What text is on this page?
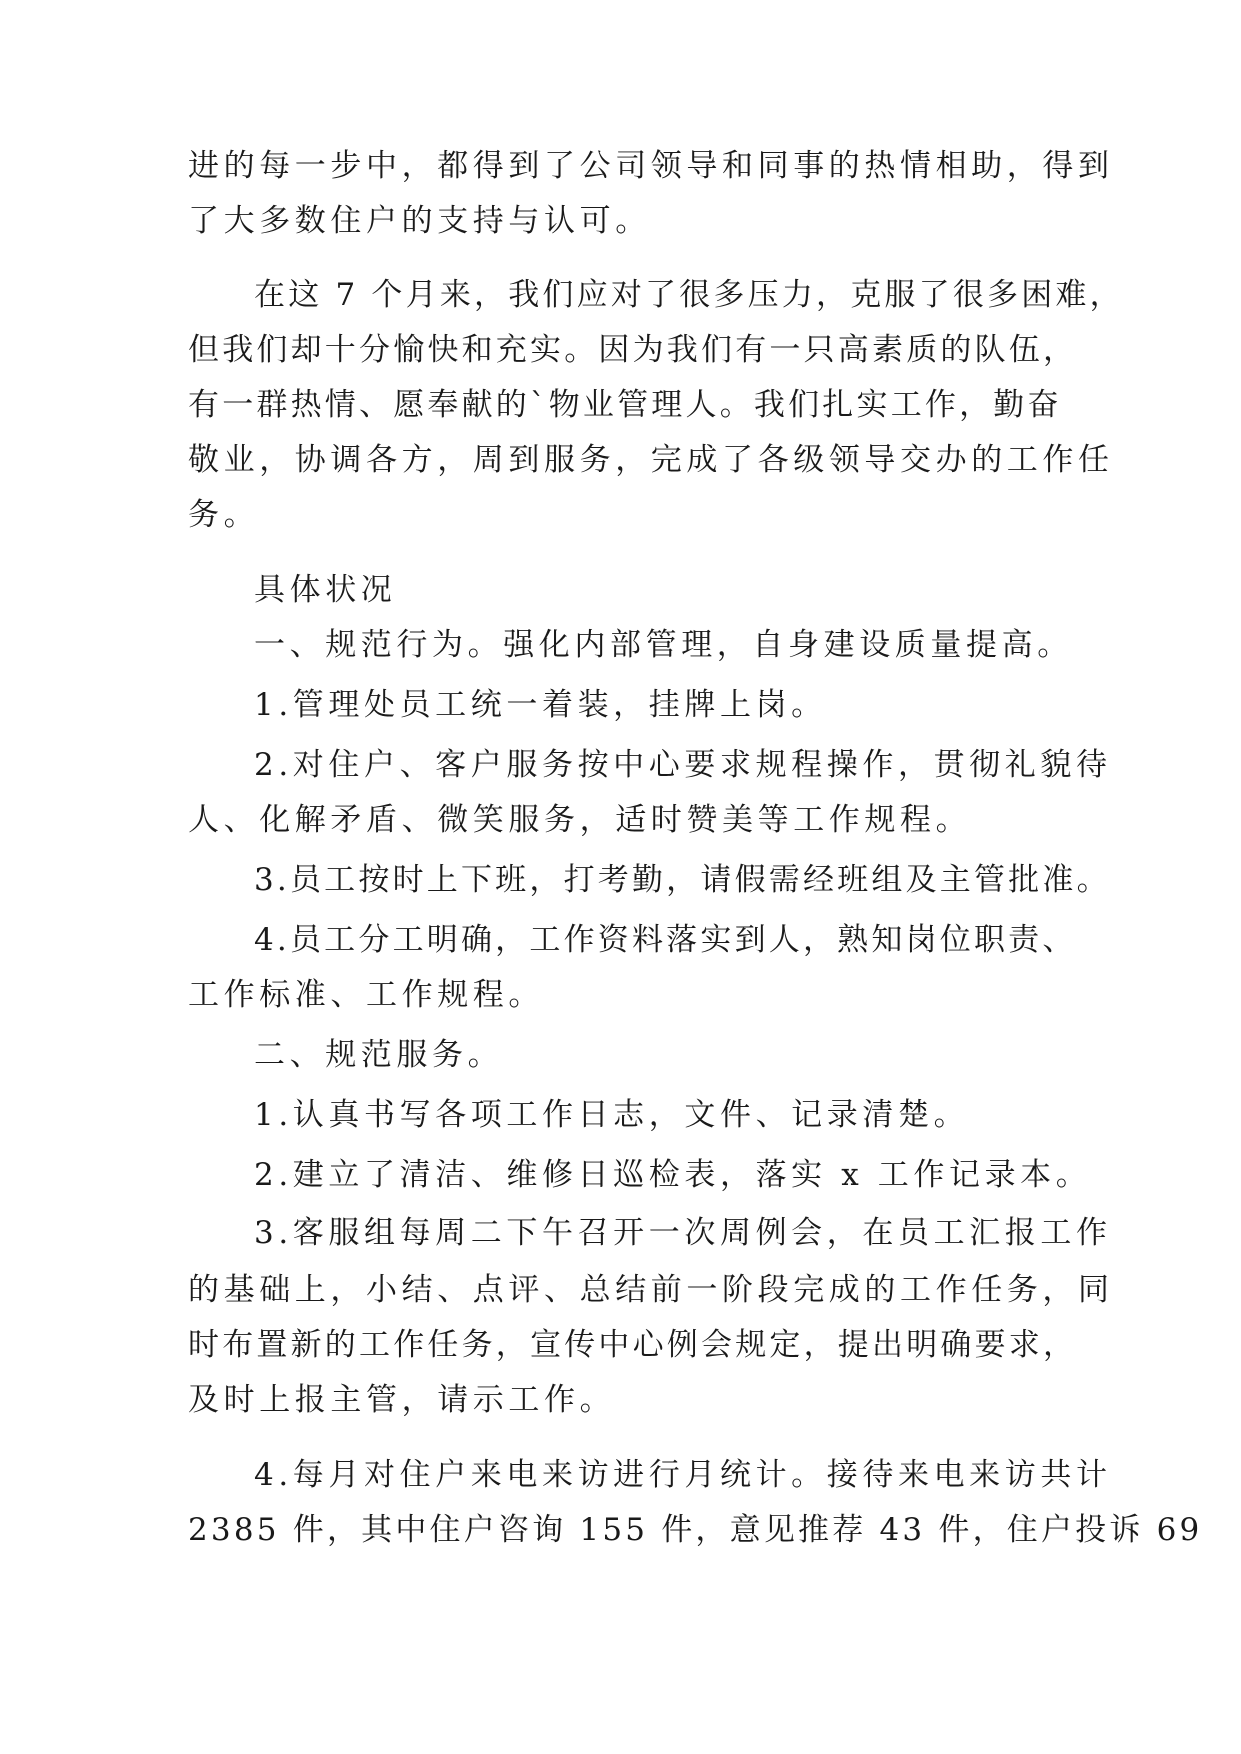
进的每一步中，都得到了公司领导和同事的热情相助，得到
了大多数住户的支持与认可。
在这 7 个月来，我们应对了很多压力，克服了很多困难，
但我们却十分愉快和充实。因为我们有一只高素质的队伍，
有一群热情、愿奉献的`物业管理人。我们扎实工作，勤奋
敬业，协调各方，周到服务，完成了各级领导交办的工作任
务。
具体状况
一、规范行为。强化内部管理，自身建设质量提高。
1.管理处员工统一着装，挂牌上岗。
2.对住户、客户服务按中心要求规程操作，贯彻礼貌待
人、化解矛盾、微笑服务，适时赞美等工作规程。
3.员工按时上下班，打考勤，请假需经班组及主管批准。
4.员工分工明确，工作资料落实到人，熟知岗位职责、
工作标准、工作规程。
二、规范服务。
1.认真书写各项工作日志，文件、记录清楚。
2.建立了清洁、维修日巡检表，落实 x 工作记录本。
3.客服组每周二下午召开一次周例会，在员工汇报工作
的基础上，小结、点评、总结前一阶段完成的工作任务，同
时布置新的工作任务，宣传中心例会规定，提出明确要求，
及时上报主管，请示工作。
4.每月对住户来电来访进行月统计。接待来电来访共计
2385 件，其中住户咨询 155 件，意见推荐 43 件，住户投诉 69
